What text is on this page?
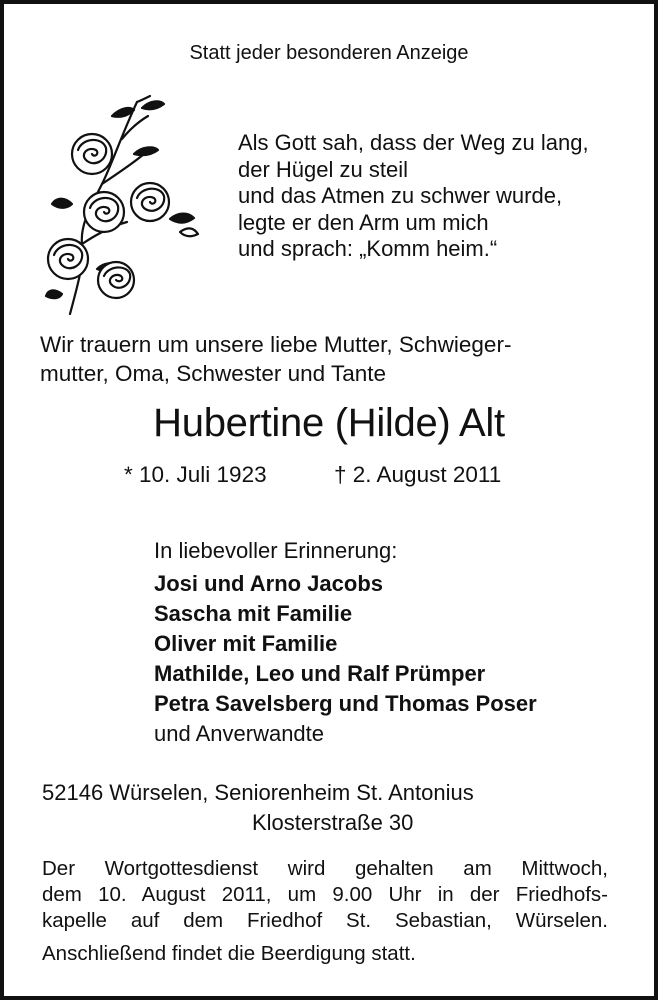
Statt jeder besonderen Anzeige
Als Gott sah, dass der Weg zu lang,
der Hügel zu steil
und das Atmen zu schwer wurde,
legte er den Arm um mich
und sprach: „Komm heim.“
Wir trauern um unsere liebe Mutter, Schwieger-
mutter, Oma, Schwester und Tante
Hubertine (Hilde) Alt
* 10. Juli 1923	† 2. August 2011
In liebevoller Erinnerung:
Josi und Arno Jacobs
Sascha mit Familie
Oliver mit Familie
Mathilde, Leo und Ralf Prümper
Petra Savelsberg und Thomas Poser
und Anverwandte
52146 Würselen, Seniorenheim St. Antonius
Klosterstraße 30
Der Wortgottesdienst wird gehalten am Mittwoch,
dem 10. August 2011, um 9.00 Uhr in der Friedhofs-
kapelle auf dem Friedhof St. Sebastian, Würselen.
Anschließend findet die Beerdigung statt.
